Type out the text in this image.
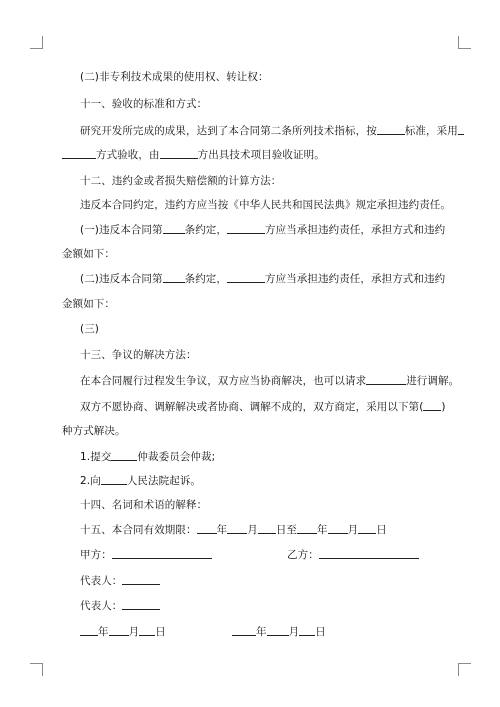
(二)非专利技术成果的使用权、转让权：
十一、验收的标准和方式：
研究开发所完成的成果，达到了本合同第二条所列技术指标，按	标准，采用
方式验收，由	方出具技术项目验收证明。
十二、违约金或者损失赔偿额的计算方法：
违反本合同约定，违约方应当按《中华人民共和国民法典》规定承担违约责任。
(一)违反本合同第 条约定，	方应当承担违约责任，承担方式和违约
金额如下：
(二)违反本合同第 条约定，	方应当承担违约责任，承担方式和违约
金额如下：
(三)
十三、争议的解决方法：
在本合同履行过程发生争议，双方应当协商解决，也可以请求	进行调解。
双方不愿协商、调解解决或者协商、调解不成的，双方商定，采用以下第( )
种方式解决。
1.提交 仲裁委员会仲裁;
2.向 人民法院起诉。
十四、名词和术语的解释：
十五、本合同有效期限： 年 月 日至 年 月 日
甲方：	乙方：
代表人：
代表人：
年 月 日	年 月 日
